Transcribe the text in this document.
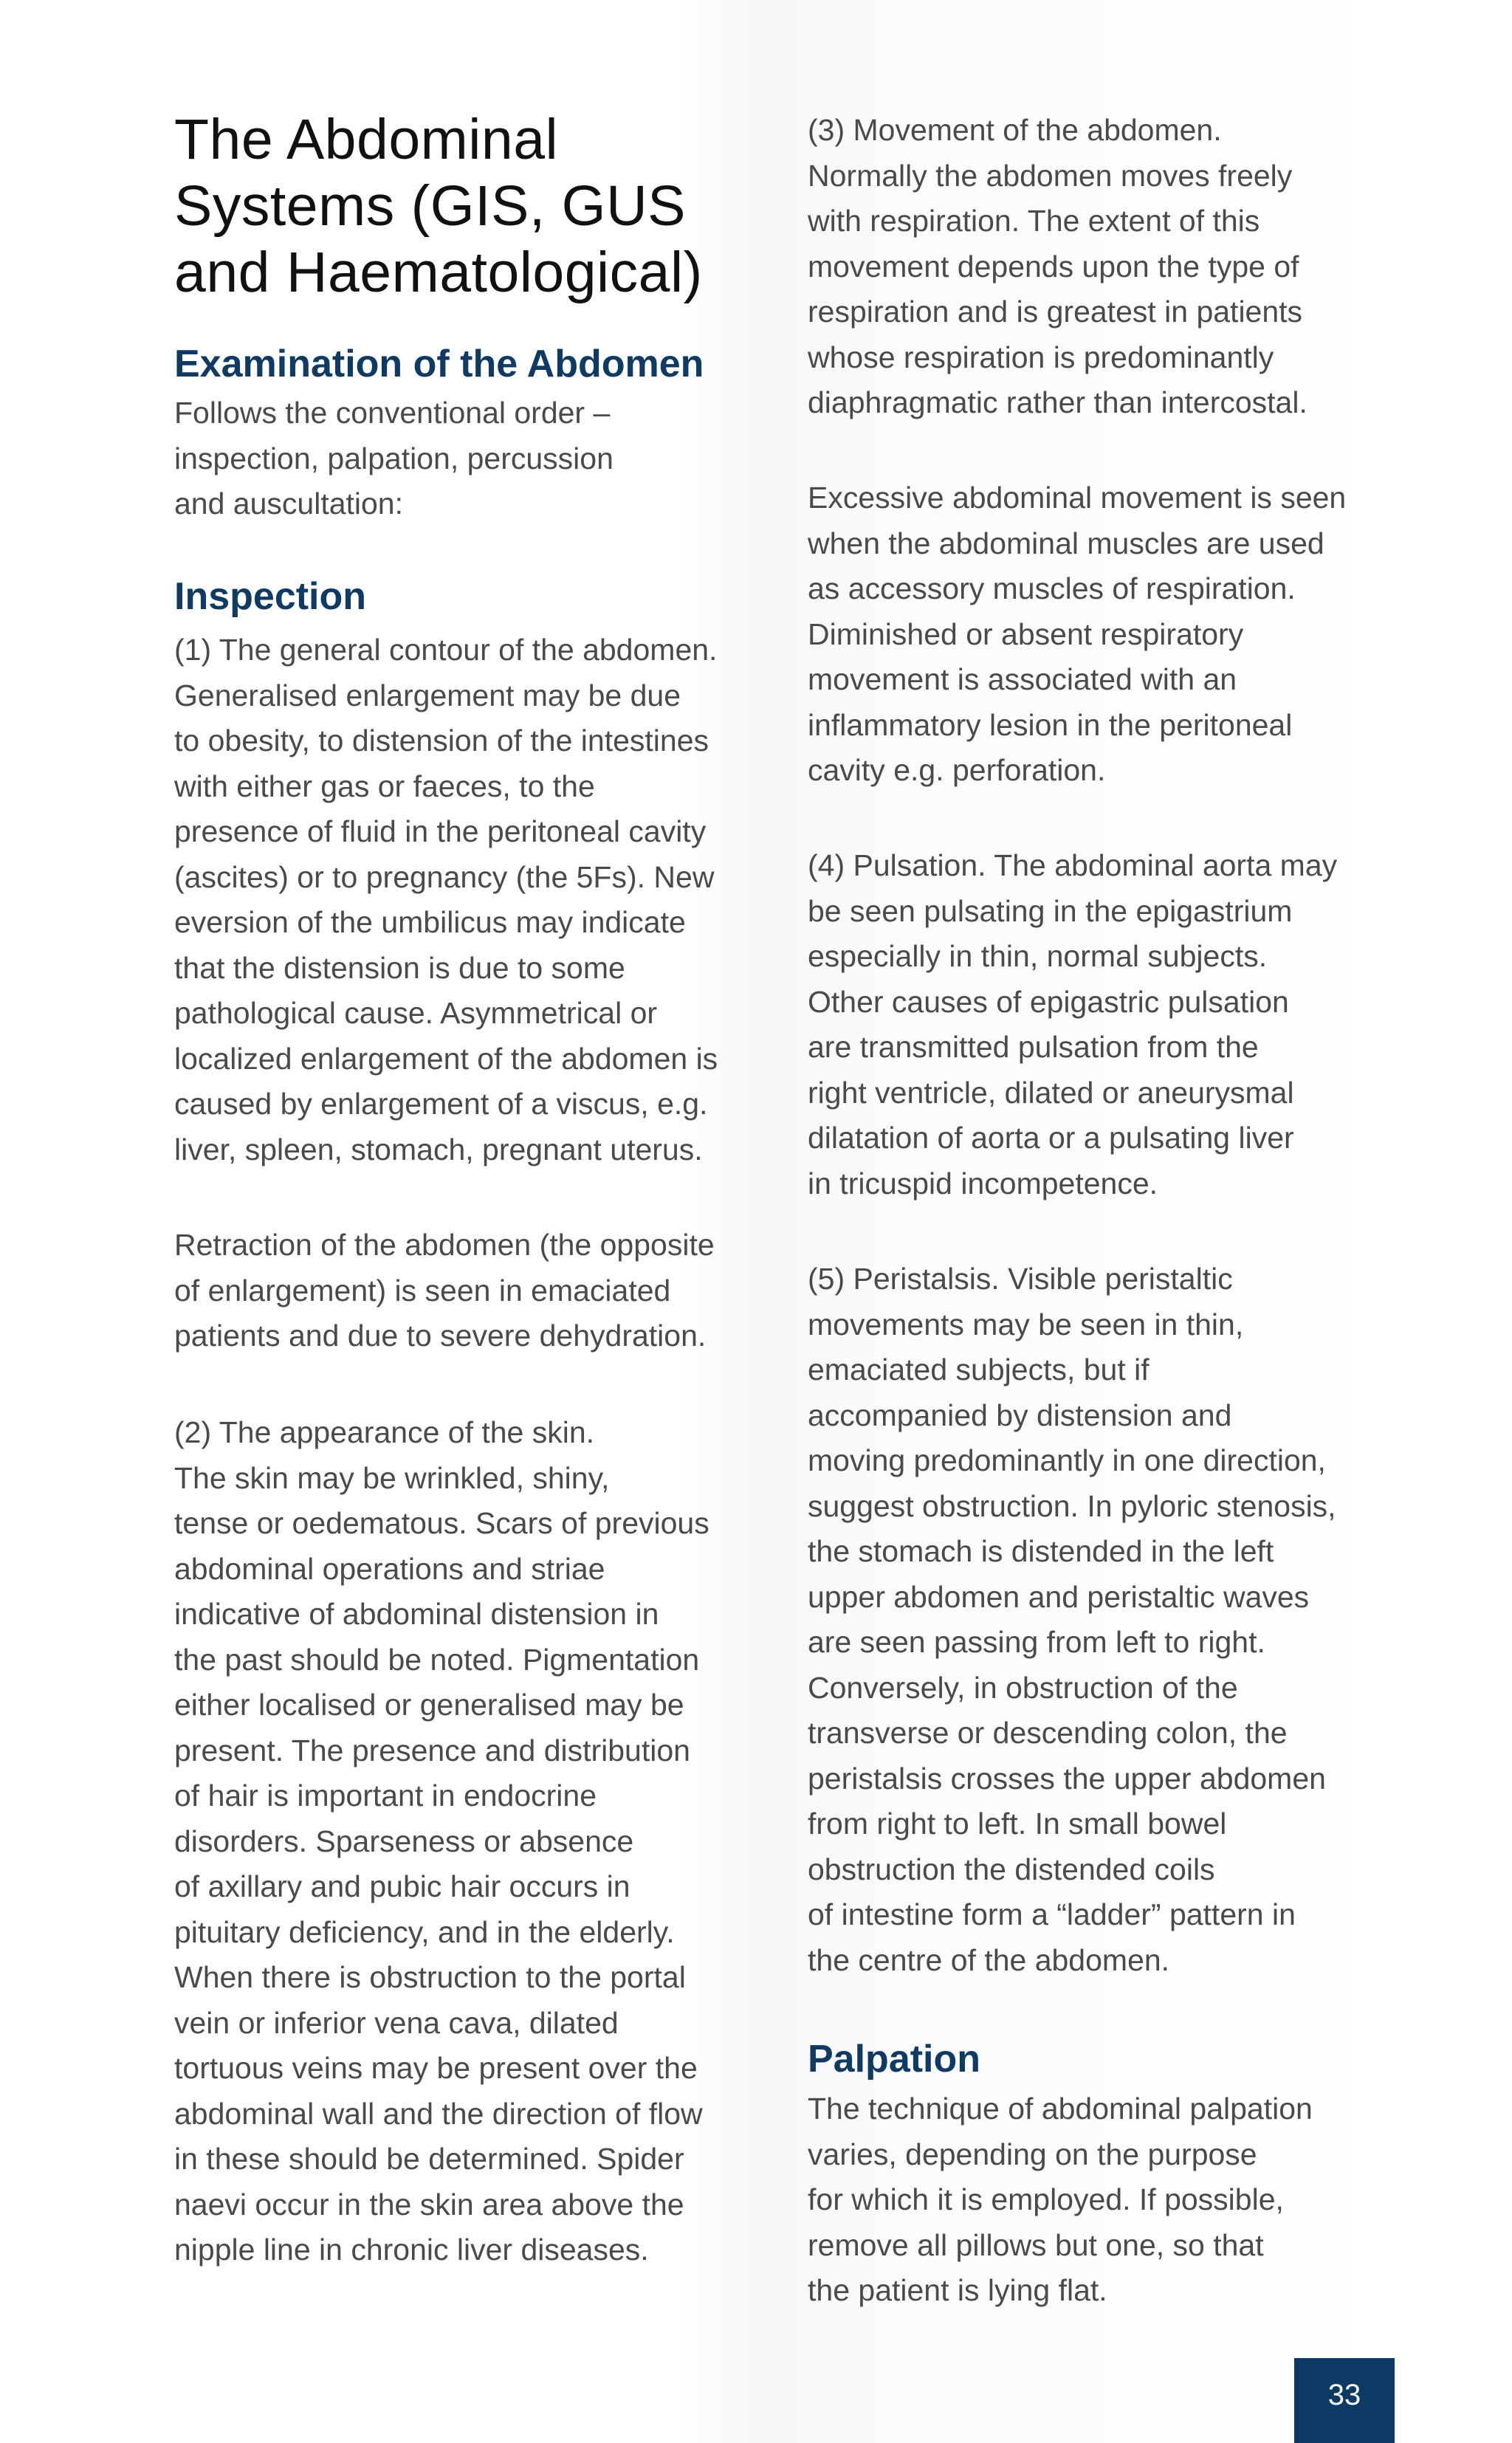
The Abdominal
Systems (GIS, GUS
and Haematological)
Examination of the Abdomen

Follows the conventional order –
inspection, palpation, percussion
and auscultation:

Inspection

(1) The general contour of the abdomen.
Generalised enlargement may be due
to obesity, to distension of the intestines
with either gas or faeces, to the
presence of fluid in the peritoneal cavity
(ascites) or to pregnancy (the 5Fs). New
eversion of the umbilicus may indicate
that the distension is due to some
pathological cause. Asymmetrical or
localized enlargement of the abdomen is
caused by enlargement of a viscus, e.g.
liver, spleen, stomach, pregnant uterus.

Retraction of the abdomen (the opposite
of enlargement) is seen in emaciated
patients and due to severe dehydration.

(2) The appearance of the skin.
The skin may be wrinkled, shiny,
tense or oedematous. Scars of previous
abdominal operations and striae
indicative of abdominal distension in
the past should be noted. Pigmentation
either localised or generalised may be
present. The presence and distribution
of hair is important in endocrine
disorders. Sparseness or absence
of axillary and pubic hair occurs in
pituitary deficiency, and in the elderly.
When there is obstruction to the portal
vein or inferior vena cava, dilated
tortuous veins may be present over the
abdominal wall and the direction of flow
in these should be determined. Spider
naevi occur in the skin area above the
nipple line in chronic liver diseases.

(3) Movement of the abdomen.
Normally the abdomen moves freely
with respiration. The extent of this
movement depends upon the type of
respiration and is greatest in patients
whose respiration is predominantly
diaphragmatic rather than intercostal.

Excessive abdominal movement is seen
when the abdominal muscles are used
as accessory muscles of respiration.
Diminished or absent respiratory
movement is associated with an
inflammatory lesion in the peritoneal
cavity e.g. perforation.

(4) Pulsation. The abdominal aorta may
be seen pulsating in the epigastrium
especially in thin, normal subjects.
Other causes of epigastric pulsation
are transmitted pulsation from the
right ventricle, dilated or aneurysmal
dilatation of aorta or a pulsating liver
in tricuspid incompetence.

(5) Peristalsis. Visible peristaltic
movements may be seen in thin,
emaciated subjects, but if
accompanied by distension and
moving predominantly in one direction,
suggest obstruction. In pyloric stenosis,
the stomach is distended in the left
upper abdomen and peristaltic waves
are seen passing from left to right.
Conversely, in obstruction of the
transverse or descending colon, the
peristalsis crosses the upper abdomen
from right to left. In small bowel
obstruction the distended coils
of intestine form a “ladder” pattern in
the centre of the abdomen.

Palpation

The technique of abdominal palpation
varies, depending on the purpose
for which it is employed. If possible,
remove all pillows but one, so that
the patient is lying flat.

33
